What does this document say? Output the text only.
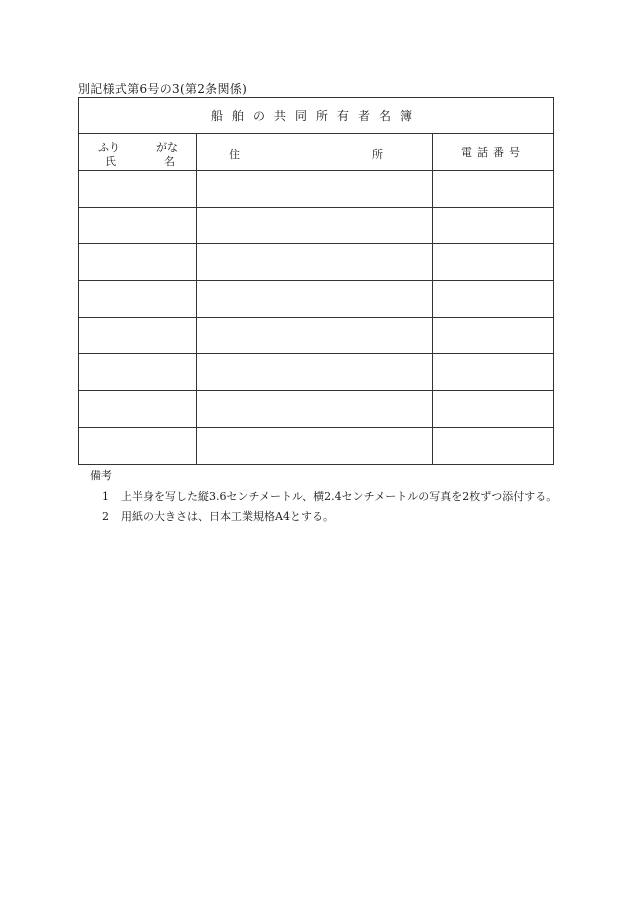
別記様式第6号の3(第2条関係)
船舶の共同所有者名簿		

ふり がな
氏 名	住 所	電話番号

備考
1	上半身を写した縦3.6センチメートル、横2.4センチメートルの写真を2枚ずつ添付する。
2	用紙の大きさは、日本工業規格A4とする。
